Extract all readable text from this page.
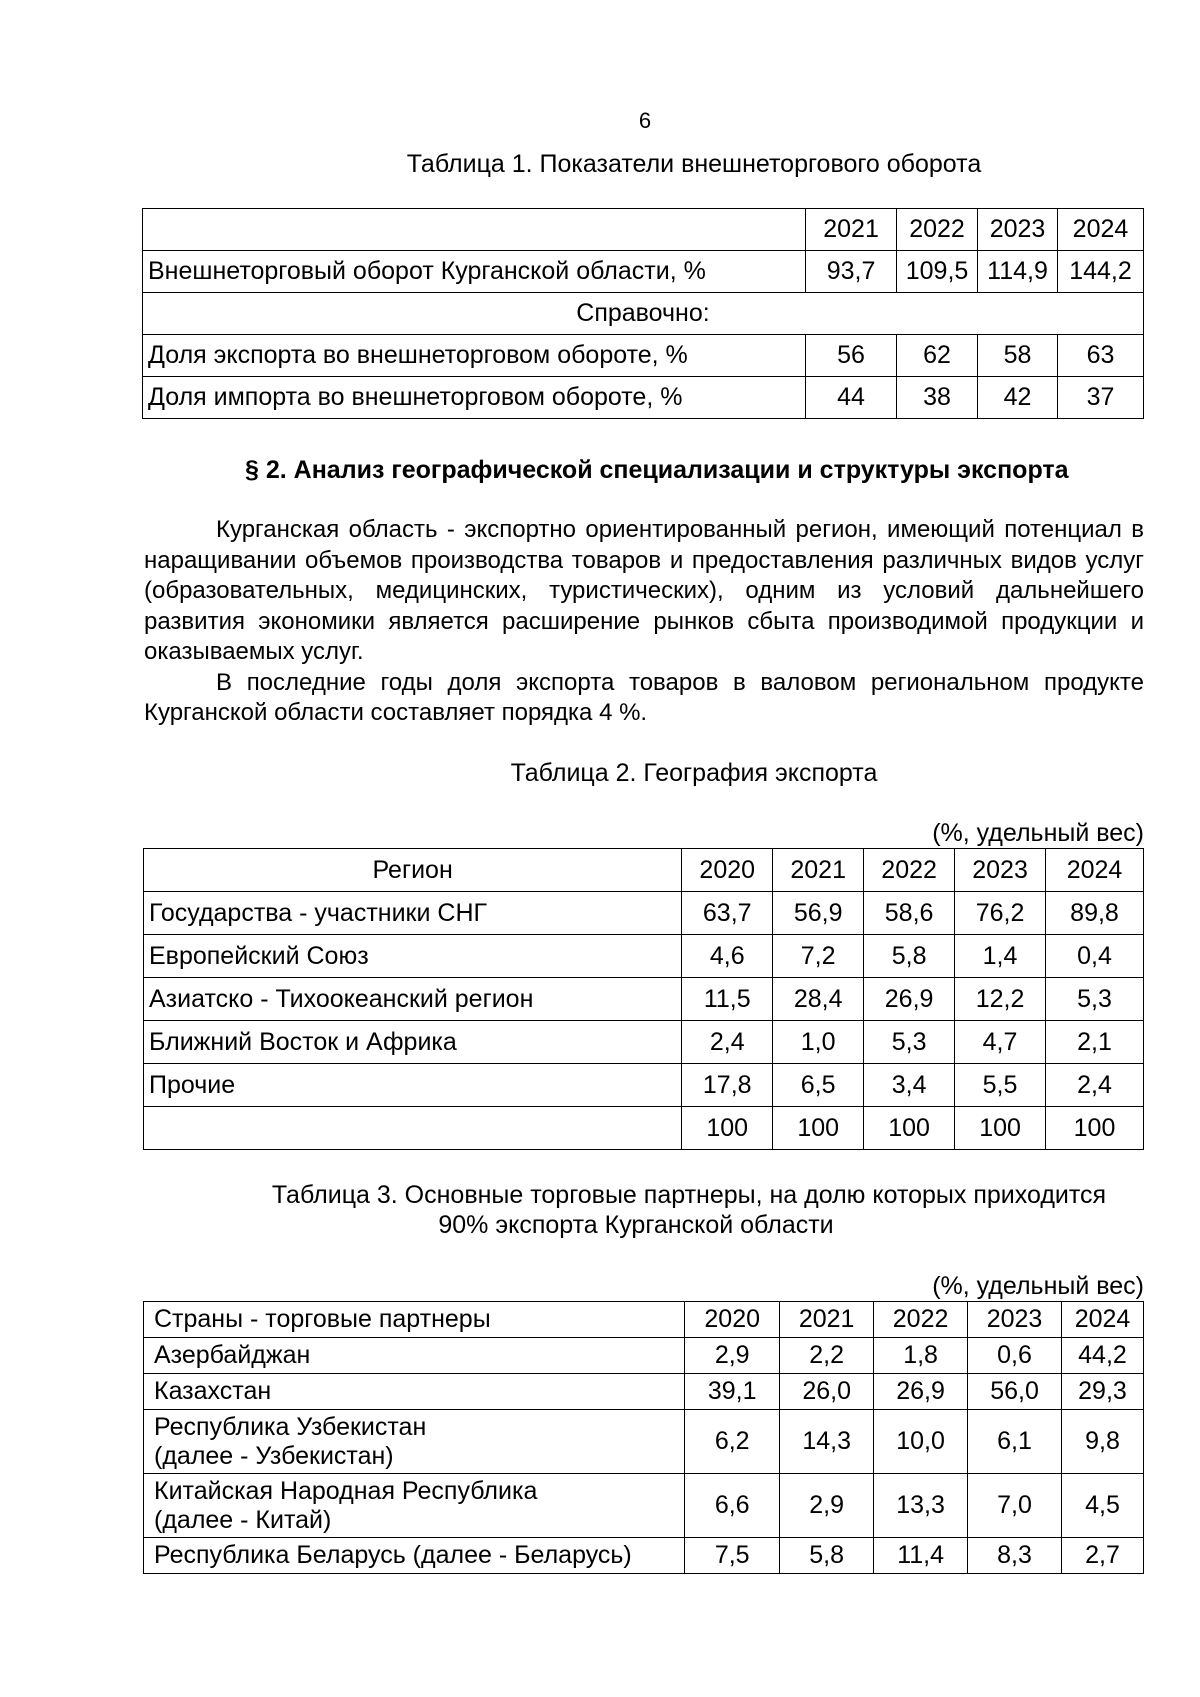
6
Таблица 1. Показатели внешнеторгового оборота
	2021	2022	2023	2024
Внешнеторговый оборот Курганской области, %	93,7	109,5	114,9	144,2
Справочно:				
Доля экспорта во внешнеторговом обороте, %	56	62	58	63
Доля импорта во внешнеторговом обороте, %	44	38	42	37
§ 2. Анализ географической специализации и структуры экспорта

Курганская область - экспортно ориентированный регион, имеющий потенциал в наращивании объемов производства товаров и предоставления различных видов услуг (образовательных, медицинских, туристических), одним из условий дальнейшего развития экономики является расширение рынков сбыта производимой продукции и оказываемых услуг.

В последние годы доля экспорта товаров в валовом региональном продукте Курганской области составляет порядка 4 %.

Таблица 2. География экспорта
(%, удельный вес)
Регион	2020	2021	2022	2023	2024
Государства - участники СНГ	63,7	56,9	58,6	76,2	89,8
Европейский Союз	4,6	7,2	5,8	1,4	0,4
Азиатско - Тихоокеанский регион	11,5	28,4	26,9	12,2	5,3
Ближний Восток и Африка	2,4	1,0	5,3	4,7	2,1
Прочие	17,8	6,5	3,4	5,5	2,4
	100	100	100	100	100
Таблица 3. Основные торговые партнеры, на долю которых приходится
90% экспорта Курганской области
(%, удельный вес)
Страны - торговые партнеры	2020	2021	2022	2023	2024
Азербайджан	2,9	2,2	1,8	0,6	44,2
Казахстан	39,1	26,0	26,9	56,0	29,3

Республика Узбекистан
(далее - Узбекистан)	6,2	14,3	10,0	6,1	9,8

Китайская Народная Республика
(далее - Китай)	6,6	2,9	13,3	7,0	4,5
Республика Беларусь (далее - Беларусь)	7,5	5,8	11,4	8,3	2,7
